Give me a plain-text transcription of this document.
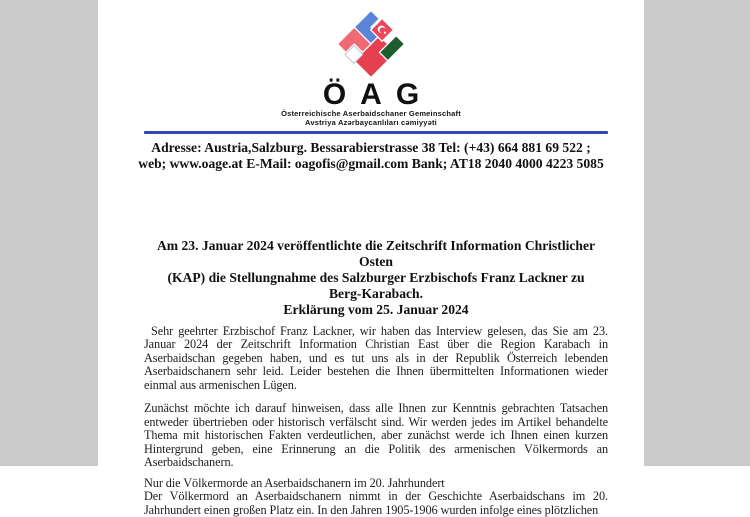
ÖAG
Österreichische Aserbaidschaner Gemeinschaft
Avstriya Azərbaycanlıları cəmiyyəti
Adresse: Austria,Salzburg. Bessarabierstrasse 38 Tel: (+43) 664 881 69 522 ;
web; www.oage.at E-Mail: oagofis@gmail.com Bank; AT18 2040 4000 4223 5085
Am 23. Januar 2024 veröffentlichte die Zeitschrift Information Christlicher Osten
(KAP) die Stellungnahme des Salzburger Erzbischofs Franz Lackner zu
Berg-Karabach.
Erklärung vom 25. Januar 2024

Sehr geehrter Erzbischof Franz Lackner, wir haben das Interview gelesen, das Sie am 23. Januar 2024 der Zeitschrift Information Christian East über die Region Karabach in Aserbaidschan gegeben haben, und es tut uns als in der Republik Österreich lebenden Aserbaidschanern sehr leid. Leider bestehen die Ihnen übermittelten Informationen wieder einmal aus armenischen Lügen.

Zunächst möchte ich darauf hinweisen, dass alle Ihnen zur Kenntnis gebrachten Tatsachen entweder übertrieben oder historisch verfälscht sind. Wir werden jedes im Artikel behandelte Thema mit historischen Fakten verdeutlichen, aber zunächst werde ich Ihnen einen kurzen Hintergrund geben, eine Erinnerung an die Politik des armenischen Völkermords an Aserbaidschanern.

Nur die Völkermorde an Aserbaidschanern im 20. Jahrhundert

Der Völkermord an Aserbaidschanern nimmt in der Geschichte Aserbaidschans im 20. Jahrhundert einen großen Platz ein. In den Jahren 1905-1906 wurden infolge eines plötzlichen
